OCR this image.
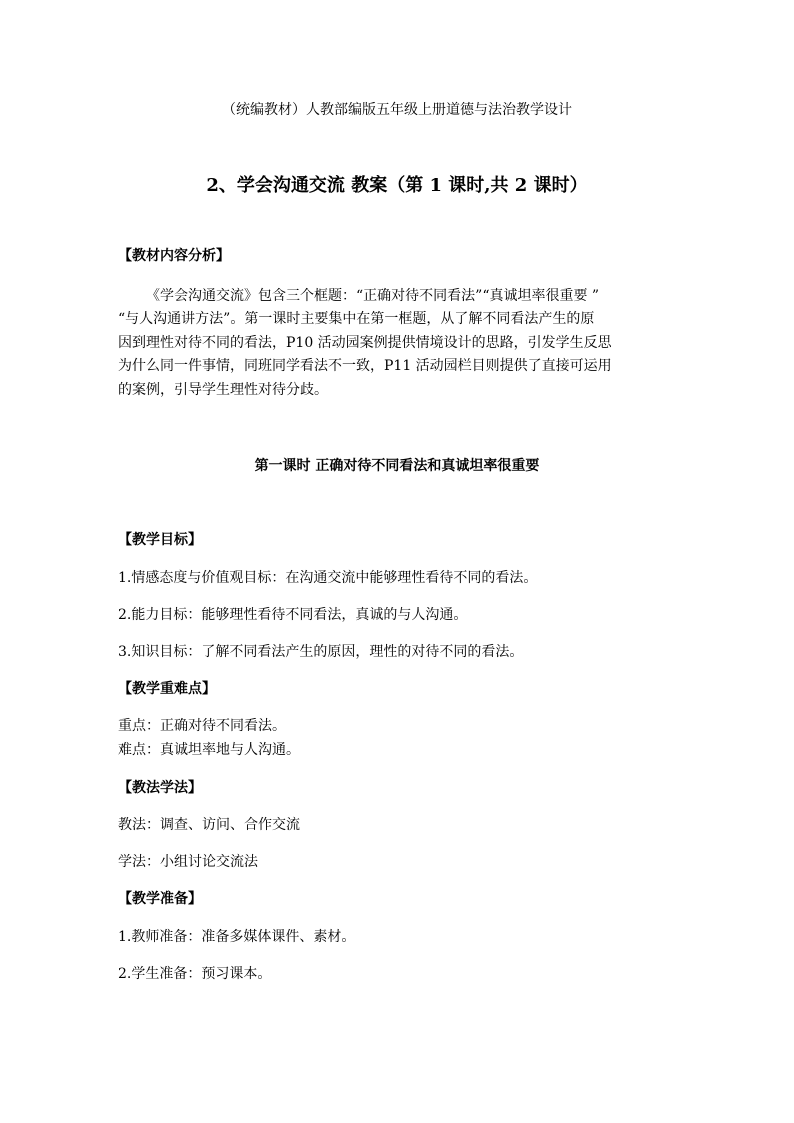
（统编教材）人教部编版五年级上册道德与法治教学设计
2、学会沟通交流 教案（第 1 课时,共 2 课时）
【教材内容分析】
《学会沟通交流》包含三个框题：“正确对待不同看法”“真诚坦率很重要 ”
“与人沟通讲方法”。第一课时主要集中在第一框题，从了解不同看法产生的原
因到理性对待不同的看法，P10 活动园案例提供情境设计的思路，引发学生反思
为什么同一件事情，同班同学看法不一致，P11 活动园栏目则提供了直接可运用
的案例，引导学生理性对待分歧。
第一课时 正确对待不同看法和真诚坦率很重要
【教学目标】
1.情感态度与价值观目标：在沟通交流中能够理性看待不同的看法。
2.能力目标：能够理性看待不同看法，真诚的与人沟通。
3.知识目标：了解不同看法产生的原因，理性的对待不同的看法。
【教学重难点】
重点：正确对待不同看法。
难点：真诚坦率地与人沟通。
【教法学法】
教法：调查、访问、合作交流
学法：小组讨论交流法
【教学准备】
1.教师准备：准备多媒体课件、素材。
2.学生准备：预习课本。
